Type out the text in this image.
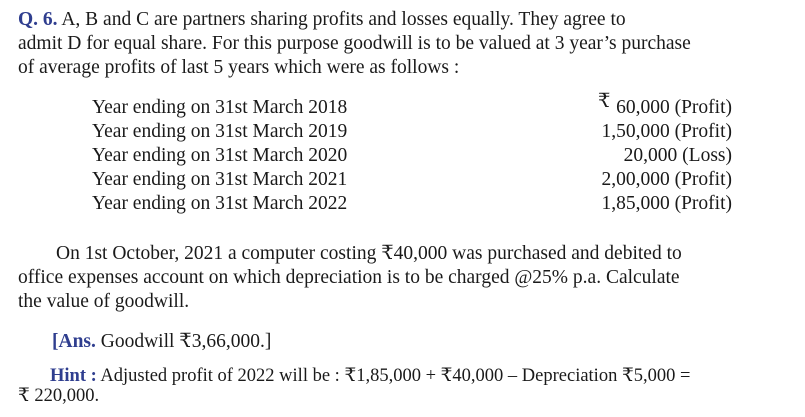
Q. 6. A, B and C are partners sharing profits and losses equally. They agree to
admit D for equal share. For this purpose goodwill is to be valued at 3 year’s purchase
of average profits of last 5 years which were as follows :
₹
Year ending on 31st March 2018	60,000 (Profit)
Year ending on 31st March 2019	1,50,000 (Profit)
Year ending on 31st March 2020	20,000 (Loss)
Year ending on 31st March 2021	2,00,000 (Profit)
Year ending on 31st March 2022	1,85,000 (Profit)
On 1st October, 2021 a computer costing ₹40,000 was purchased and debited to
office expenses account on which depreciation is to be charged @25% p.a. Calculate
the value of goodwill.
[Ans. Goodwill ₹3,66,000.]
Hint : Adjusted profit of 2022 will be : ₹1,85,000 + ₹40,000 – Depreciation ₹5,000 =
₹ 220,000.
